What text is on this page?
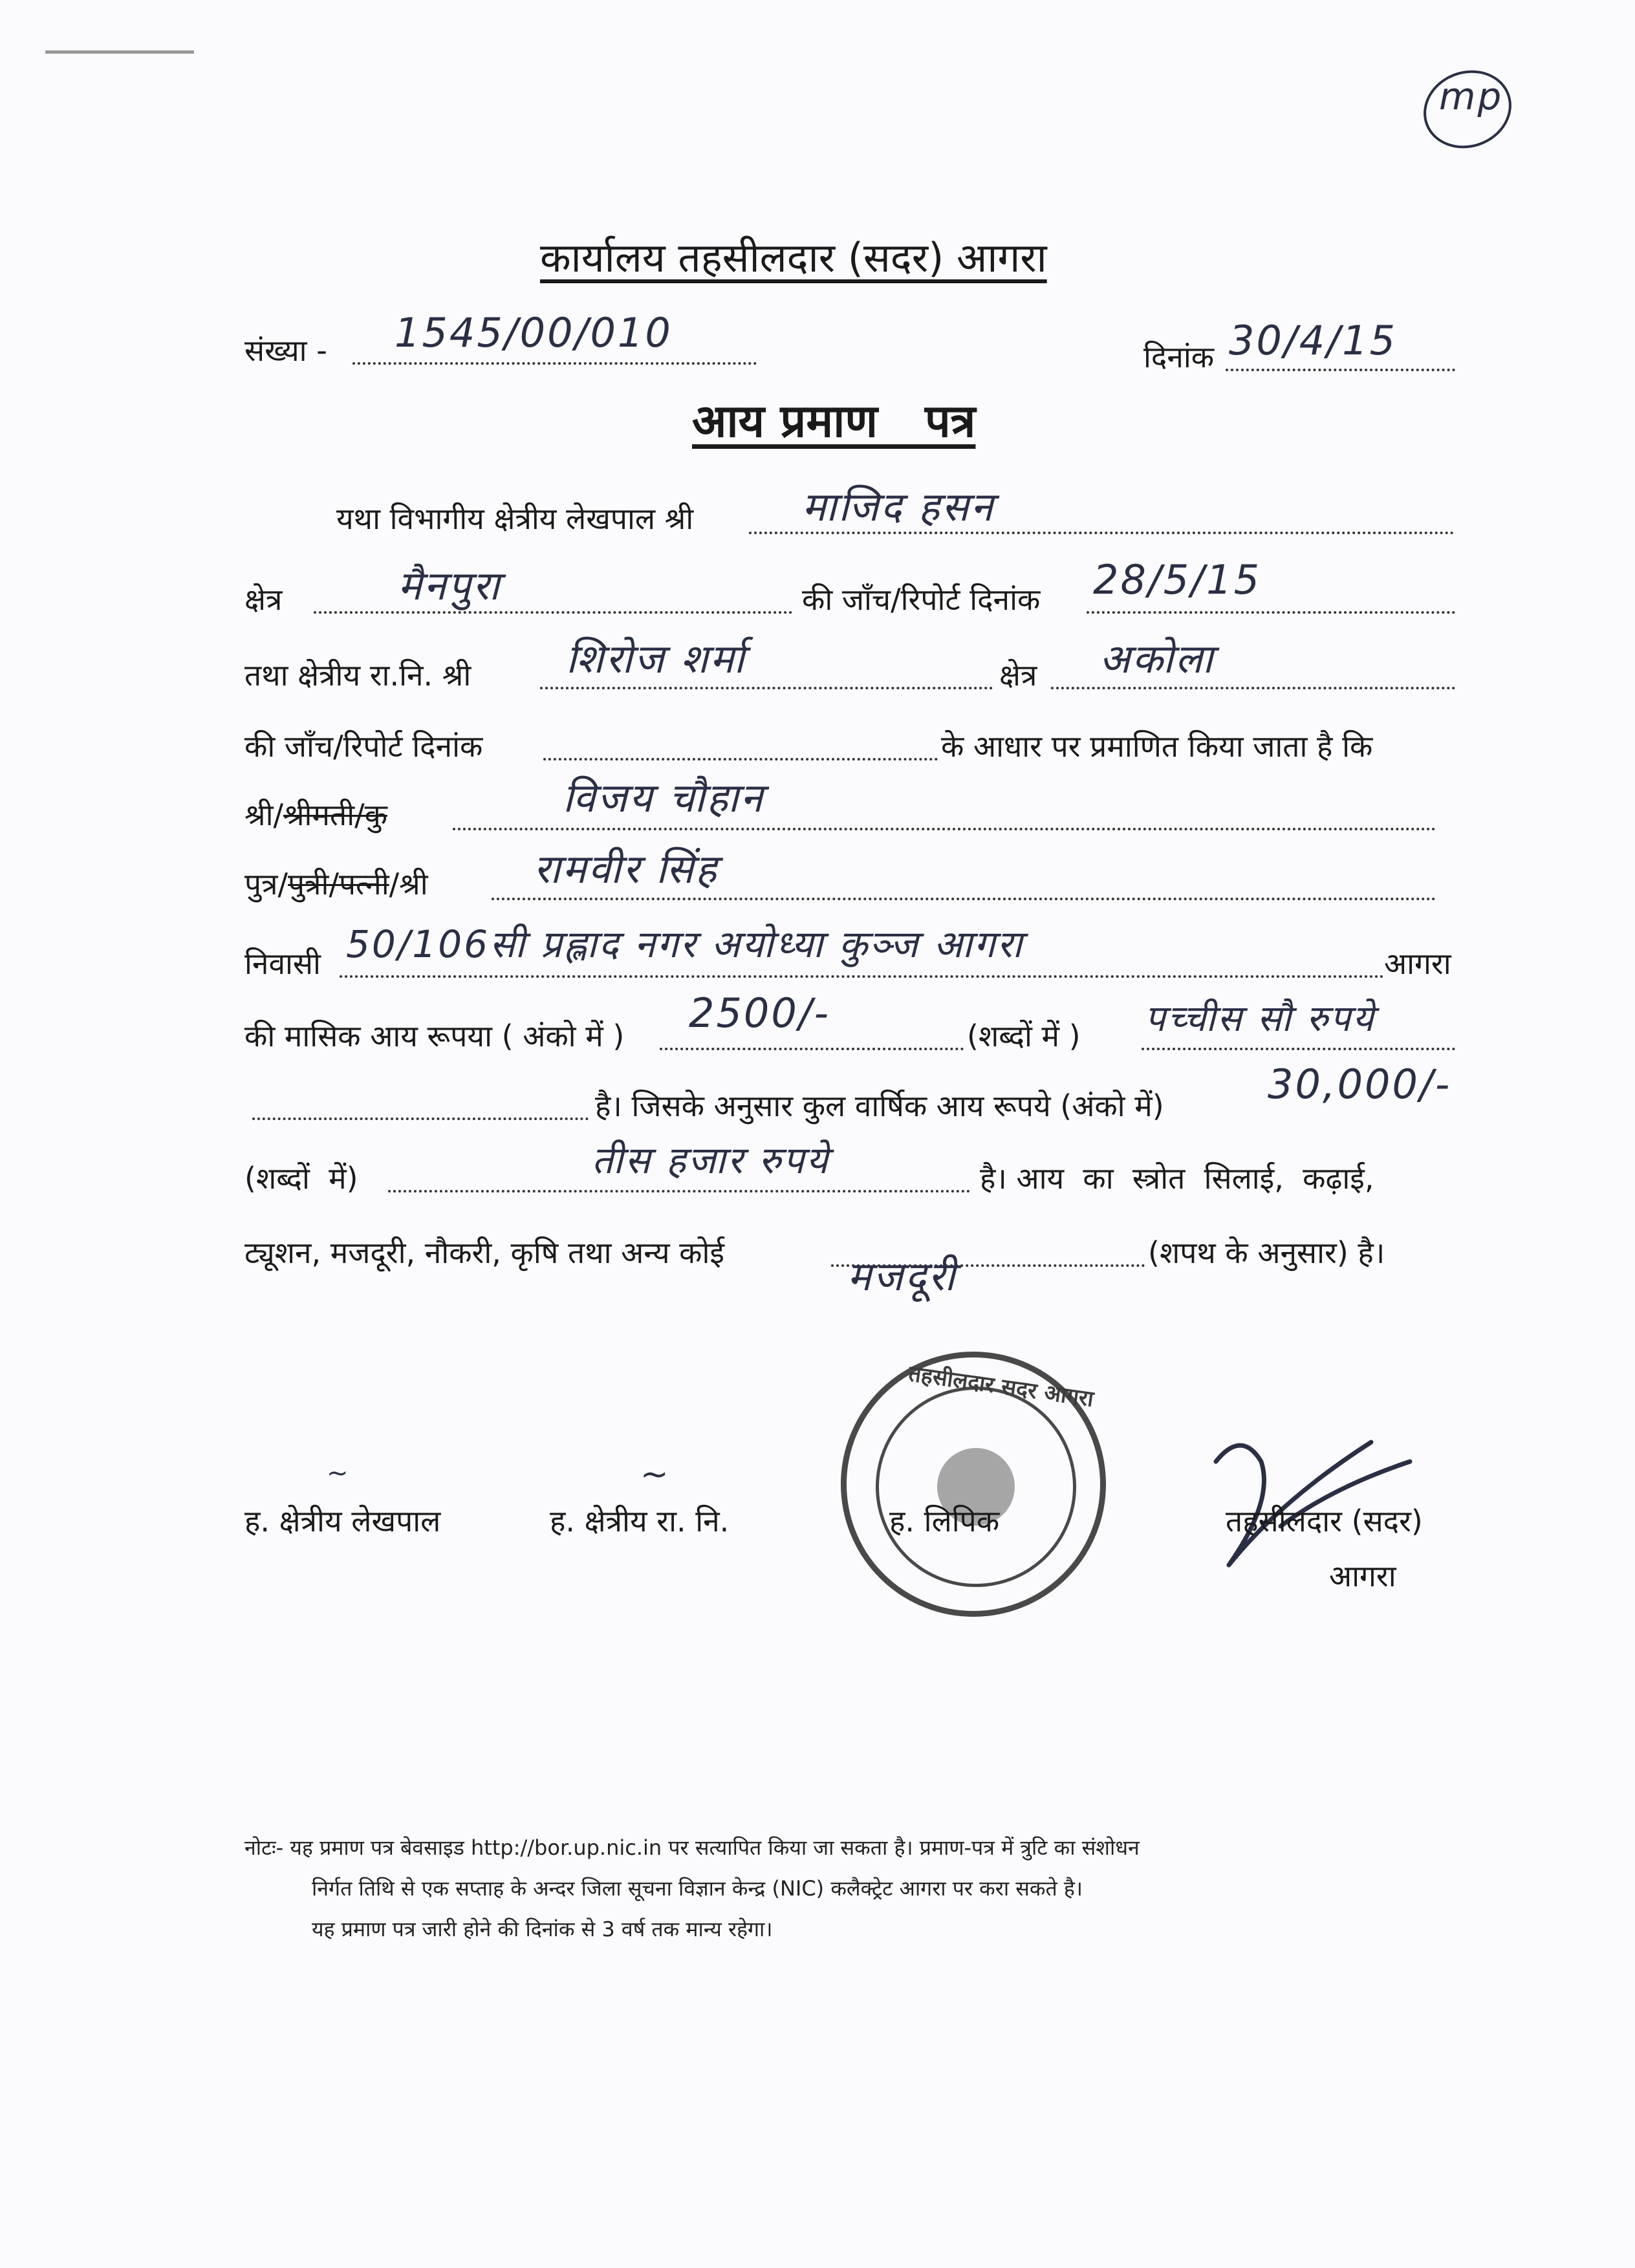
mp
कार्यालय तहसीलदार (सदर) आगरा
संख्या - 1545/00/010
दिनांक 30/4/15
आय प्रमाण   पत्र
यथा विभागीय क्षेत्रीय लेखपाल श्री	माजिद हसन
क्षेत्र	मैनपुरा	की जाँच/रिपोर्ट दिनांक 28/5/15
तथा क्षेत्रीय रा.नि. श्री शिरोज शर्मा	क्षेत्र अकोला
की जाँच/रिपोर्ट दिनांक	के आधार पर प्रमाणित किया जाता है कि
श्री/श्रीमती/कु	विजय चौहान
पुत्र/पुत्री/पत्नी/श्री	रामवीर सिंह
निवासी 50/106सी प्रह्लाद नगर अयोध्या कुञ्ज आगरा	आगरा
की मासिक आय रूपया ( अंको में ) 2500/-	(शब्दों में ) पच्चीस सौ रुपये
है। जिसके अनुसार कुल वार्षिक आय रूपये (अंको में)	30,000/-
(शब्दों  में)	तीस हजार रुपये	है। आय  का  स्त्रोत  सिलाई,  कढ़ाई,
ट्यूशन, मजदूरी, नौकरी, कृषि तथा अन्य कोई	मजदूरी	(शपथ के अनुसार) है।
तहसीलदार सदर आगरा
~
ह. क्षेत्रीय लेखपाल
~
ह. क्षेत्रीय रा. नि.	ह. लिपिक	तहसीलदार (सदर)
आगरा
नोटः- यह प्रमाण पत्र बेवसाइड http://bor.up.nic.in पर सत्यापित किया जा सकता है। प्रमाण-पत्र में त्रुटि का संशोधन
निर्गत तिथि से एक सप्ताह के अन्दर जिला सूचना विज्ञान केन्द्र (NIC) कलैक्ट्रेट आगरा पर करा सकते है।
यह प्रमाण पत्र जारी होने की दिनांक से 3 वर्ष तक मान्य रहेगा।
